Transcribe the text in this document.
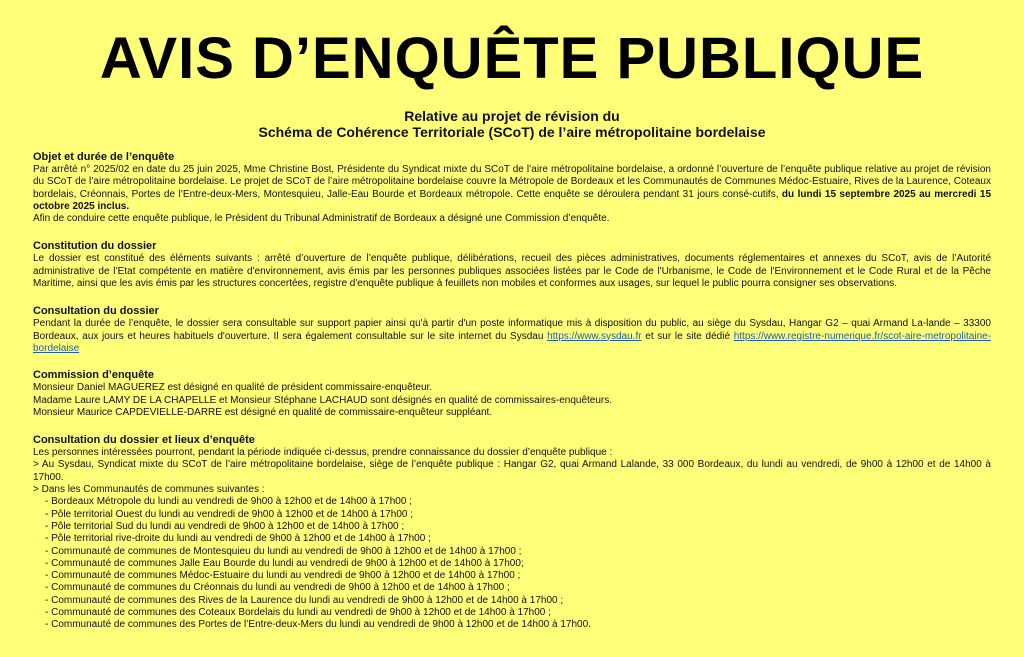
AVIS D’ENQUÊTE PUBLIQUE
Relative au projet de révision du
Schéma de Cohérence Territoriale (SCoT) de l’aire métropolitaine bordelaise
Objet et durée de l’enquête

Par arrêté n° 2025/02 en date du 25 juin 2025, Mme Christine Bost, Présidente du Syndicat mixte du SCoT de l’aire métropolitaine bordelaise, a ordonné l’ouverture de l’enquête publique relative au projet de révision du SCoT de l’aire métropolitaine bordelaise. Le projet de SCoT de l’aire métropolitaine bordelaise couvre la Métropole de Bordeaux et les Communautés de Communes Médoc-Estuaire, Rives de la Laurence, Coteaux bordelais, Créonnais, Portes de l’Entre-deux-Mers, Montesquieu, Jalle-Eau Bourde et Bordeaux métropole. Cette enquête se déroulera pendant 31 jours consé-cutifs, du lundi 15 septembre 2025 au mercredi 15 octobre 2025 inclus.

Afin de conduire cette enquête publique, le Président du Tribunal Administratif de Bordeaux a désigné une Commission d’enquête.

Constitution du dossier

Le dossier est constitué des éléments suivants : arrêté d’ouverture de l’enquête publique, délibérations, recueil des pièces administratives, documents réglementaires et annexes du SCoT, avis de l’Autorité administrative de l’Etat compétente en matière d'environnement, avis émis par les personnes publiques associées listées par le Code de l'Urbanisme, le Code de l'Environnement et le Code Rural et de la Pêche Maritime, ainsi que les avis émis par les structures concertées, registre d'enquête publique à feuillets non mobiles et conformes aux usages, sur lequel le public pourra consigner ses observations.

Consultation du dossier

Pendant la durée de l’enquête, le dossier sera consultable sur support papier ainsi qu'à partir d'un poste informatique mis à disposition du public, au siège du Sysdau, Hangar G2 – quai Armand La-lande – 33300 Bordeaux, aux jours et heures habituels d'ouverture. Il sera également consultable sur le site internet du Sysdau https://www.sysdau.fr et sur le site dédié https://www.registre-numerique.fr/scot-aire-metropolitaine-bordelaise

Commission d’enquête

Monsieur Daniel MAGUEREZ est désigné en qualité de président commissaire-enquêteur.

Madame Laure LAMY DE LA CHAPELLE et Monsieur Stéphane LACHAUD sont désignés en qualité de commissaires-enquêteurs.

Monsieur Maurice CAPDEVIELLE-DARRE est désigné en qualité de commissaire-enquêteur suppléant.

Consultation du dossier et lieux d’enquête

Les personnes intéressées pourront, pendant la période indiquée ci-dessus, prendre connaissance du dossier d’enquête publique :

> Au Sysdau, Syndicat mixte du SCoT de l’aire métropolitaine bordelaise, siège de l’enquête publique : Hangar G2, quai Armand Lalande, 33 000 Bordeaux, du lundi au vendredi, de 9h00 à 12h00 et de 14h00 à 17h00.

> Dans les Communautés de communes suivantes :

- Bordeaux Métropole du lundi au vendredi de 9h00 à 12h00 et de 14h00 à 17h00 ;
- Pôle territorial Ouest du lundi au vendredi de 9h00 à 12h00 et de 14h00 à 17h00 ;
- Pôle territorial Sud du lundi au vendredi de 9h00 à 12h00 et de 14h00 à 17h00 ;
- Pôle territorial rive-droite du lundi au vendredi de 9h00 à 12h00 et de 14h00 à 17h00 ;
- Communauté de communes de Montesquieu du lundi au vendredi de 9h00 à 12h00 et de 14h00 à 17h00 ;
- Communauté de communes Jalle Eau Bourde du lundi au vendredi de 9h00 à 12h00 et de 14h00 à 17h00;
- Communauté de communes Médoc-Estuaire du lundi au vendredi de 9h00 à 12h00 et de 14h00 à 17h00 ;
- Communauté de communes du Créonnais du lundi au vendredi de 9h00 à 12h00 et de 14h00 à 17h00 ;
- Communauté de communes des Rives de la Laurence du lundi au vendredi de 9h00 à 12h00 et de 14h00 à 17h00 ;
- Communauté de communes des Coteaux Bordelais du lundi au vendredi de 9h00 à 12h00 et de 14h00 à 17h00 ;
- Communauté de communes des Portes de l’Entre-deux-Mers du lundi au vendredi de 9h00 à 12h00 et de 14h00 à 17h00.
